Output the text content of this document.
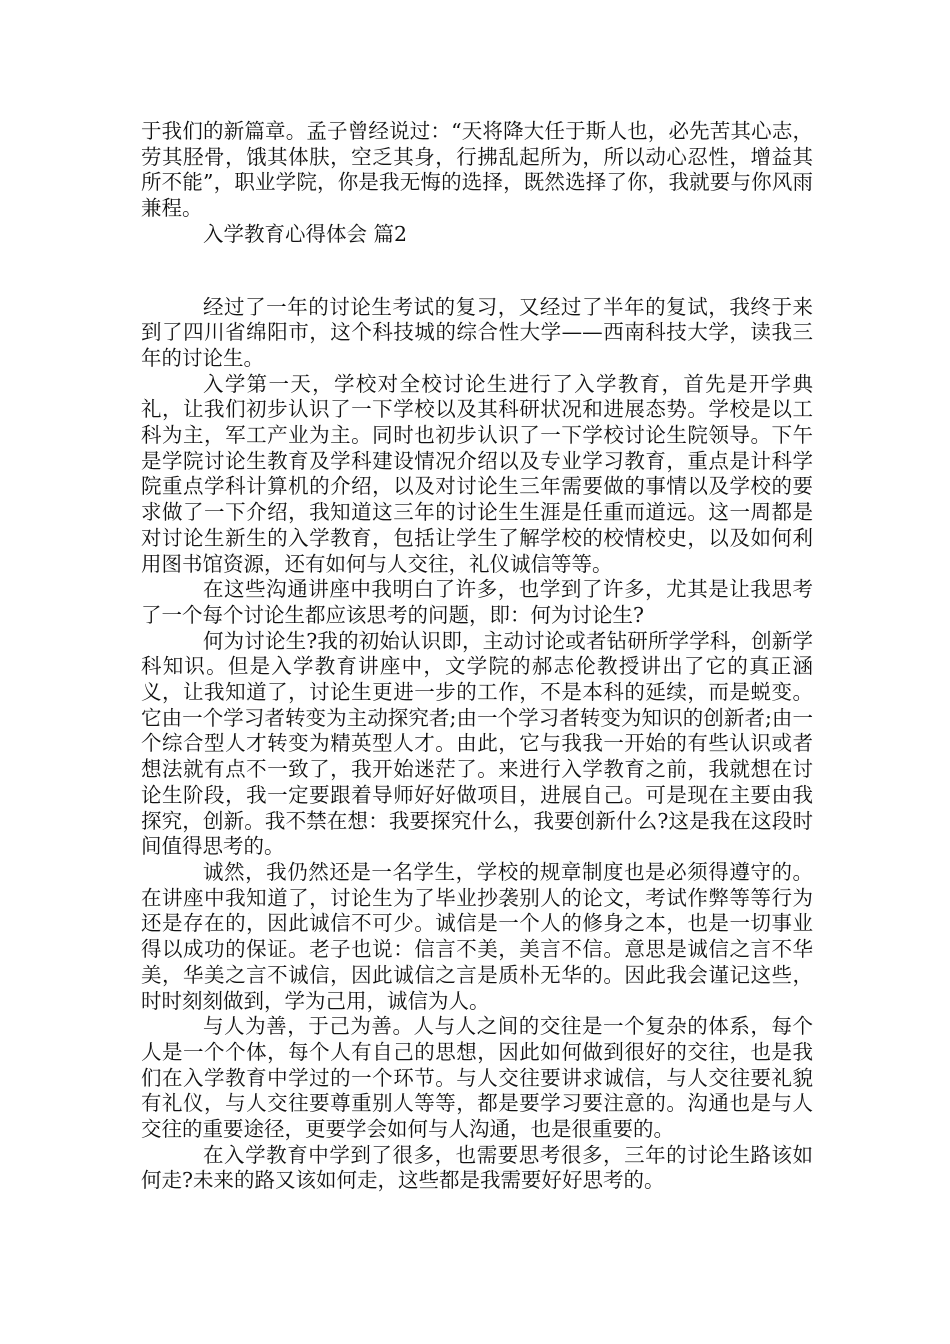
于我们的新篇章。孟子曾经说过：“天将降大任于斯人也，必先苦其心志，劳其胫骨，饿其体肤，空乏其身，行拂乱起所为，所以动心忍性，增益其所不能”，职业学院，你是我无悔的选择，既然选择了你，我就要与你风雨兼程。

入学教育心得体会 篇2

经过了一年的讨论生考试的复习，又经过了半年的复试，我终于来到了四川省绵阳市，这个科技城的综合性大学——西南科技大学，读我三年的讨论生。

入学第一天，学校对全校讨论生进行了入学教育，首先是开学典礼，让我们初步认识了一下学校以及其科研状况和进展态势。学校是以工科为主，军工产业为主。同时也初步认识了一下学校讨论生院领导。下午是学院讨论生教育及学科建设情况介绍以及专业学习教育，重点是计科学院重点学科计算机的介绍，以及对讨论生三年需要做的事情以及学校的要求做了一下介绍，我知道这三年的讨论生生涯是任重而道远。这一周都是对讨论生新生的入学教育，包括让学生了解学校的校情校史，以及如何利用图书馆资源，还有如何与人交往，礼仪诚信等等。

在这些沟通讲座中我明白了许多，也学到了许多，尤其是让我思考了一个每个讨论生都应该思考的问题，即：何为讨论生?

何为讨论生?我的初始认识即，主动讨论或者钻研所学学科，创新学科知识。但是入学教育讲座中，文学院的郝志伦教授讲出了它的真正涵义，让我知道了，讨论生更进一步的工作，不是本科的延续，而是蜕变。它由一个学习者转变为主动探究者;由一个学习者转变为知识的创新者;由一个综合型人才转变为精英型人才。由此，它与我我一开始的有些认识或者想法就有点不一致了，我开始迷茫了。来进行入学教育之前，我就想在讨论生阶段，我一定要跟着导师好好做项目，进展自己。可是现在主要由我探究，创新。我不禁在想：我要探究什么，我要创新什么?这是我在这段时间值得思考的。

诚然，我仍然还是一名学生，学校的规章制度也是必须得遵守的。在讲座中我知道了，讨论生为了毕业抄袭别人的论文，考试作弊等等行为还是存在的，因此诚信不可少。诚信是一个人的修身之本，也是一切事业得以成功的保证。老子也说：信言不美，美言不信。意思是诚信之言不华美，华美之言不诚信，因此诚信之言是质朴无华的。因此我会谨记这些，时时刻刻做到，学为己用，诚信为人。

与人为善，于己为善。人与人之间的交往是一个复杂的体系，每个人是一个个体，每个人有自己的思想，因此如何做到很好的交往，也是我们在入学教育中学过的一个环节。与人交往要讲求诚信，与人交往要礼貌有礼仪，与人交往要尊重别人等等，都是要学习要注意的。沟通也是与人交往的重要途径，更要学会如何与人沟通，也是很重要的。

在入学教育中学到了很多，也需要思考很多，三年的讨论生路该如何走?未来的路又该如何走，这些都是我需要好好思考的。
